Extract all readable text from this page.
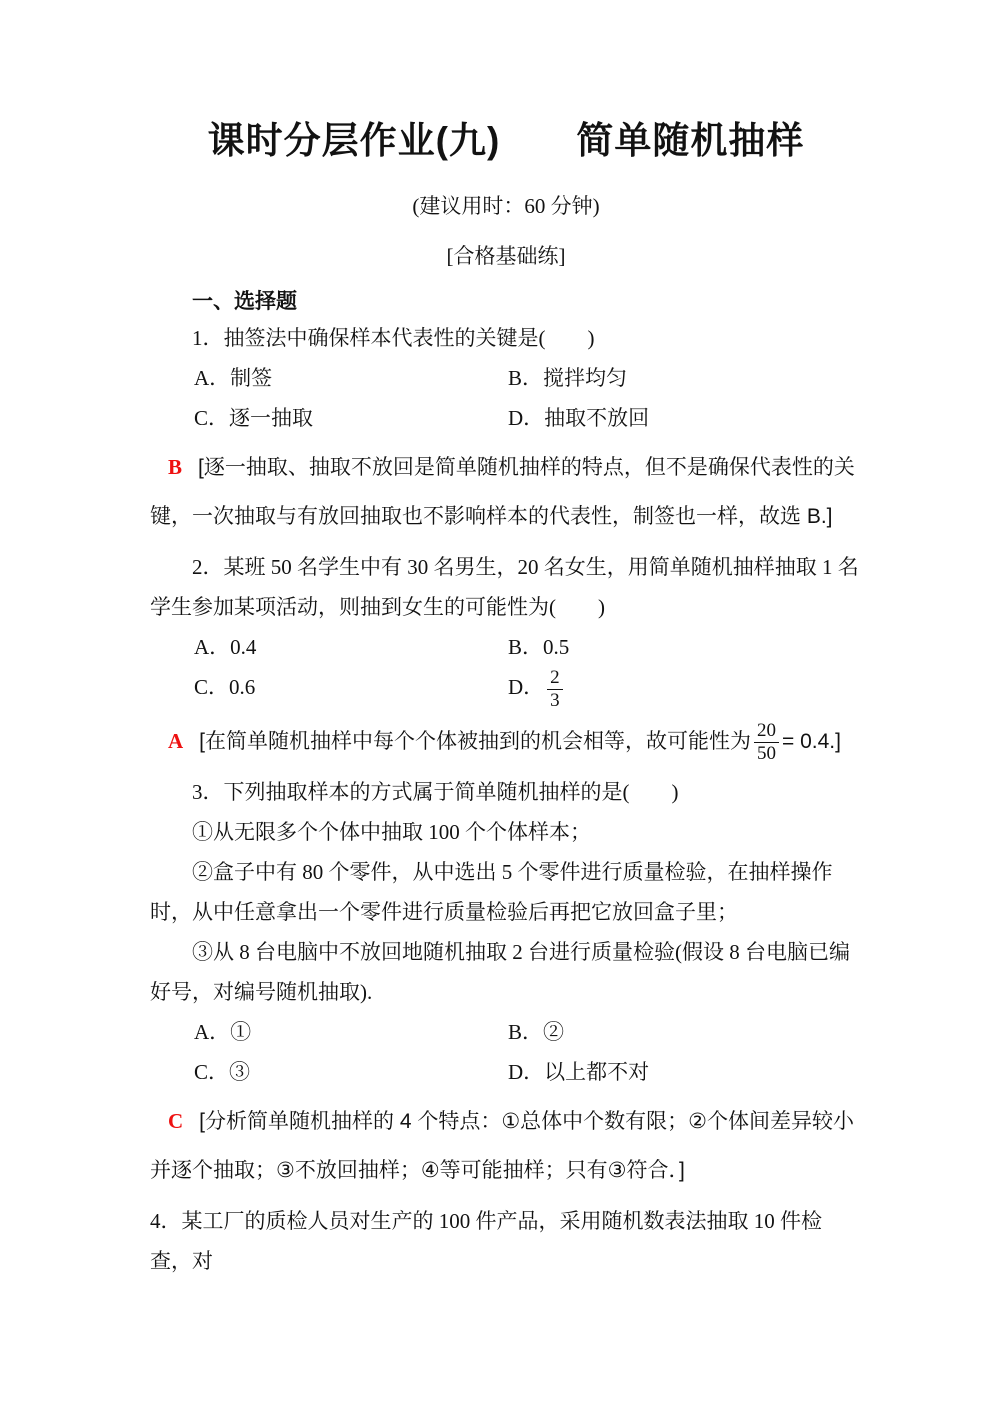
课时分层作业(九)　　简单随机抽样
(建议用时：60 分钟)
[合格基础练]
一、选择题

1．抽签法中确保样本代表性的关键是(　　)

A．制签	B．搅拌均匀
C．逐一抽取	D．抽取不放回

B [逐一抽取、抽取不放回是简单随机抽样的特点，但不是确保代表性的关键，一次抽取与有放回抽取也不影响样本的代表性，制签也一样，故选 B.]

2．某班 50 名学生中有 30 名男生，20 名女生，用简单随机抽样抽取 1 名学生参加某项活动，则抽到女生的可能性为(　　)

A．0.4	B．0.5
C．0.6	D． $\frac{2}{3}$

A [在简单随机抽样中每个个体被抽到的机会相等，故可能性为 $\frac{20}{50} = 0.4$.]

3．下列抽取样本的方式属于简单随机抽样的是(　　)

①从无限多个个体中抽取 100 个个体样本；

②盒子中有 80 个零件，从中选出 5 个零件进行质量检验，在抽样操作时，从中任意拿出一个零件进行质量检验后再把它放回盒子里；

③从 8 台电脑中不放回地随机抽取 2 台进行质量检验(假设 8 台电脑已编好号，对编号随机抽取).

A．①	B．②
C．③	D．以上都不对

C [分析简单随机抽样的 4 个特点：①总体中个数有限；②个体间差异较小并逐个抽取；③不放回抽样；④等可能抽样；只有③符合．]

4．某工厂的质检人员对生产的 100 件产品，采用随机数表法抽取 10 件检查，对
